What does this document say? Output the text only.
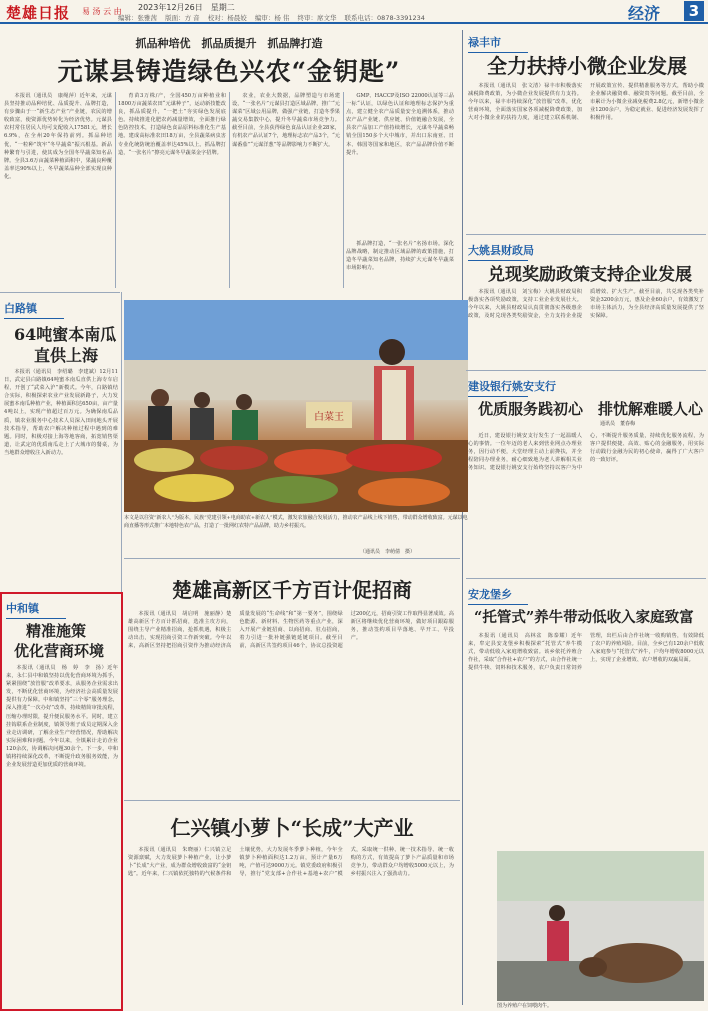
楚雄日报 易 汤 云 由 2023年12月26日　星期二
编辑：张雅茜 版面：方 音 校对：杨晨姣 编审：杨 伟 终审：席文华 联系电话：0878-3391234	经济	3
抓品种培优　抓品质提升　抓品牌打造
元谋县铸造绿色兴农“金钥匙”

本报讯（通讯员　康绳萍）近年来，元谋县坚持推动品种培优、品质提升、品牌打造，有步骤由于一“新生态产业”产业链，农民的增收致富，使资源优势转化为经济优势。元谋县农村常住居民人均可支配收入17581元，增长6.9%，在全州20年保持前列。抓品种培优，“一粒种”筑牢“冬早蔬菜”振兴根基。新品种繁育与引进，使其成为全国冬早蔬菜知名品牌。全县3.6万亩蔬菜种植面积中，果蔬良种覆盖率达90%以上，冬早蔬菜品种全部实现良种化。

育苗3万株/产，全国450万亩种植业和1800万亩蔬菜农田“元谋种子”，运动新技能改良，抓品质提升，“一把土”夯实绿色发展底色。持续推进化肥农药减量增效，全面推行绿色防控技术，打造绿色食品原料标准化生产基地。建成高标准农田18万亩，全县蔬菜病虫害专业化统防统治覆盖率达45%以上。抓品牌打造，“一张名片”擦亮元谋冬早蔬菜金字招牌。

农业，农业大数据，品牌塑造与市场建设，“一张名片”元谋县打造区域品牌，推广“元谋菜”区域公用品牌，做强产业链，打造冬季果蔬交易集散中心，提升冬早蔬菜市场竞争力。截至目前，全县获得绿色食品认证企业28家，有机农产品认证7个，地理标志农产品3个，“元谋番茄”“元谋洋葱”等品牌影响力不断扩大。

GMP、HACCP及ISO 22000认证等三品一标“认证，以绿色认证和地理标志保护为重点，建立健全农产品质量安全追溯体系，推动农产品产业链、供应链、价值链融合发展，全县农产品加工产值持续增长，元谋冬早蔬菜畅销全国150多个大中城市，并出口东南亚、日本、韩国等国家和地区，农产品品牌价值不断提升。

抓品牌打造，“一张名片”名扬市场。深化品牌战略，制定推动区域品牌的政策措施，打造冬早蔬菜知名品牌，持续扩大元谋冬早蔬菜市场影响力。

白菜王
本文是以往资“新农人”为版本，民族“党建引领+电商助农+新农人”模式，激发农旅融合发展活力，推动农产品线上线下销售，带动群众增收致富。元谋以电商直播等形式推广本地特色农产品，打造了一批网红农特产品品牌，助力乡村振兴。
（通讯员　李萌倩　摄）
白路镇
64吨蜜本南瓜
直供上海

本报讯（通讯员　李绍璐　李建斌）12月11日，武定县白路镇64吨蜜本南瓜直供上海专车启程，开创了“武菜入沪”新模式。今年，白路镇结合实际，积极探索农业产业发展新路子，大力发展蜜本南瓜种植产业，种植面积达650亩，亩产量4吨以上，实现产值超过百万元。为确保南瓜品质，镇农业服务中心技术人员深入田间地头开展技术指导，帮助农户解决种植过程中遇到的难题。同时，积极对接上海等地客商，拓宽销售渠道，让武定的优质南瓜走上了大城市的餐桌，为当地群众增收注入新动力。

中和镇
精准施策
优化营商环境

本报讯（通讯员　杨　婷　李　扬）近年来，永仁县中和镇坚持以优化营商环境为抓手，紧紧围绕“放管服”改革要求，从服务企业需求出发，不断优化营商环境，为经济社会高质量发展提供有力保障。中和镇坚持“三个零”服务理念，深入推进“一次办好”改革，持续精简审批流程，压缩办理时限，提升便民服务水平。同时，建立挂钩联系企业制度，镇领导班子成员定期深入企业走访调研，了解企业生产经营情况，帮助解决实际困难和问题。今年以来，全镇累计走访企业120余次，协调解决问题30余个。下一步，中和镇将持续深化改革，不断提升政务服务效能，为企业发展营造更加优质的营商环境。

楚雄高新区千方百计促招商

本报讯（通讯员　胡启明　施丽静）楚雄高新区千方百计抓招商，选准主攻方向，围绕主导产业精准招商，抢抓机遇，积极主动出击，实现招商引资工作新突破。今年以来，高新区坚持把招商引资作为推动经济高质量发展的“生命线”和“第一要务”，围绕绿色能源、新材料、生物医药等重点产业，深入开展产业链招商、以商招商、驻点招商，着力引进一批补链强链延链项目。截至目前，高新区共签约项目46个，协议总投资超过200亿元，招商引资工作取得显著成效。高新区将继续优化营商环境，做好项目跟踪服务，推动签约项目早落地、早开工、早投产。

仁兴镇小萝卜“长成”大产业

本报讯（通讯员　朱晓丽）仁兴镇立足资源禀赋，大力发展萝卜种植产业，让小萝卜“长成”大产业，成为群众增收致富的“金钥匙”。近年来，仁兴镇依托独特的气候条件和土壤优势，大力发展冬季萝卜种植，今年全镇萝卜种植面积达1.2万亩，预计产量6万吨，产值可达9000万元。镇党委政府积极引导，推行“党支部+合作社+基地+农户”模式，采取统一供种、统一技术指导、统一收购的方式，有效提高了萝卜产品质量和市场竞争力，带动群众户均增收5000元以上，为乡村振兴注入了强劲动力。

禄丰市
全力扶持小微企业发展

本报讯（通讯员　张文清）禄丰市积极落实减税降费政策，为小微企业发展提供有力支持。今年以来，禄丰市持续深化“放管服”改革，优化营商环境，全面落实国家各项减税降费政策，加大对小微企业的扶持力度，通过建立联系机制、开展政策宣传、提供精准服务等方式，帮助小微企业解决融资难、融资贵等问题。截至目前，全市累计为小微企业减免税费2.8亿元，新增小微企业1200余户，为稳定就业、促进经济发展发挥了积极作用。

大姚县财政局
兑现奖励政策支持企业发展

本报讯（通讯员　刘宝梅）大姚县财政局积极落实各项奖励政策，支持工业企业发展壮大。今年以来，大姚县财政局认真贯彻落实各级惠企政策，及时兑现各类奖励资金，全力支持企业提质增效、扩大生产。截至目前，共兑现各类奖补资金3200余万元，惠及企业60余户，有效激发了市场主体活力，为全县经济高质量发展提供了坚实保障。

建设银行姚安支行
优质服务践初心　排忧解难暖人心
通讯员　董春梅

近日，建设银行姚安支行发生了一起温暖人心的事情。一位年迈的老人来到营业网点办理业务，因行动不便，大堂经理主动上前搀扶，并全程陪同办理业务，耐心细致地为老人讲解相关业务知识。建设银行姚安支行始终坚持以客户为中心，不断提升服务质量，持续优化服务流程，为客户提供便捷、高效、贴心的金融服务，用实际行动践行金融为民的初心使命，赢得了广大客户的一致好评。

安龙堡乡
“托管式”养牛带动低收入家庭致富

本报讯（通讯员　高林盆　陈泰耀）近年来，牟定县安龙堡乡积极探索“托管式”养牛模式，带动低收入家庭增收致富。该乡依托养殖合作社，采取“合作社+农户”的方式，由合作社统一提供牛犊、饲料和技术服务，农户负责日常饲养管理，出栏后由合作社统一收购销售，有效降低了农户的养殖风险。目前，全乡已有120余户低收入家庭参与“托管式”养牛，户均年增收8000元以上，实现了企业增效、农户增收的双赢局面。

图为养殖户在饲喂肉牛。
